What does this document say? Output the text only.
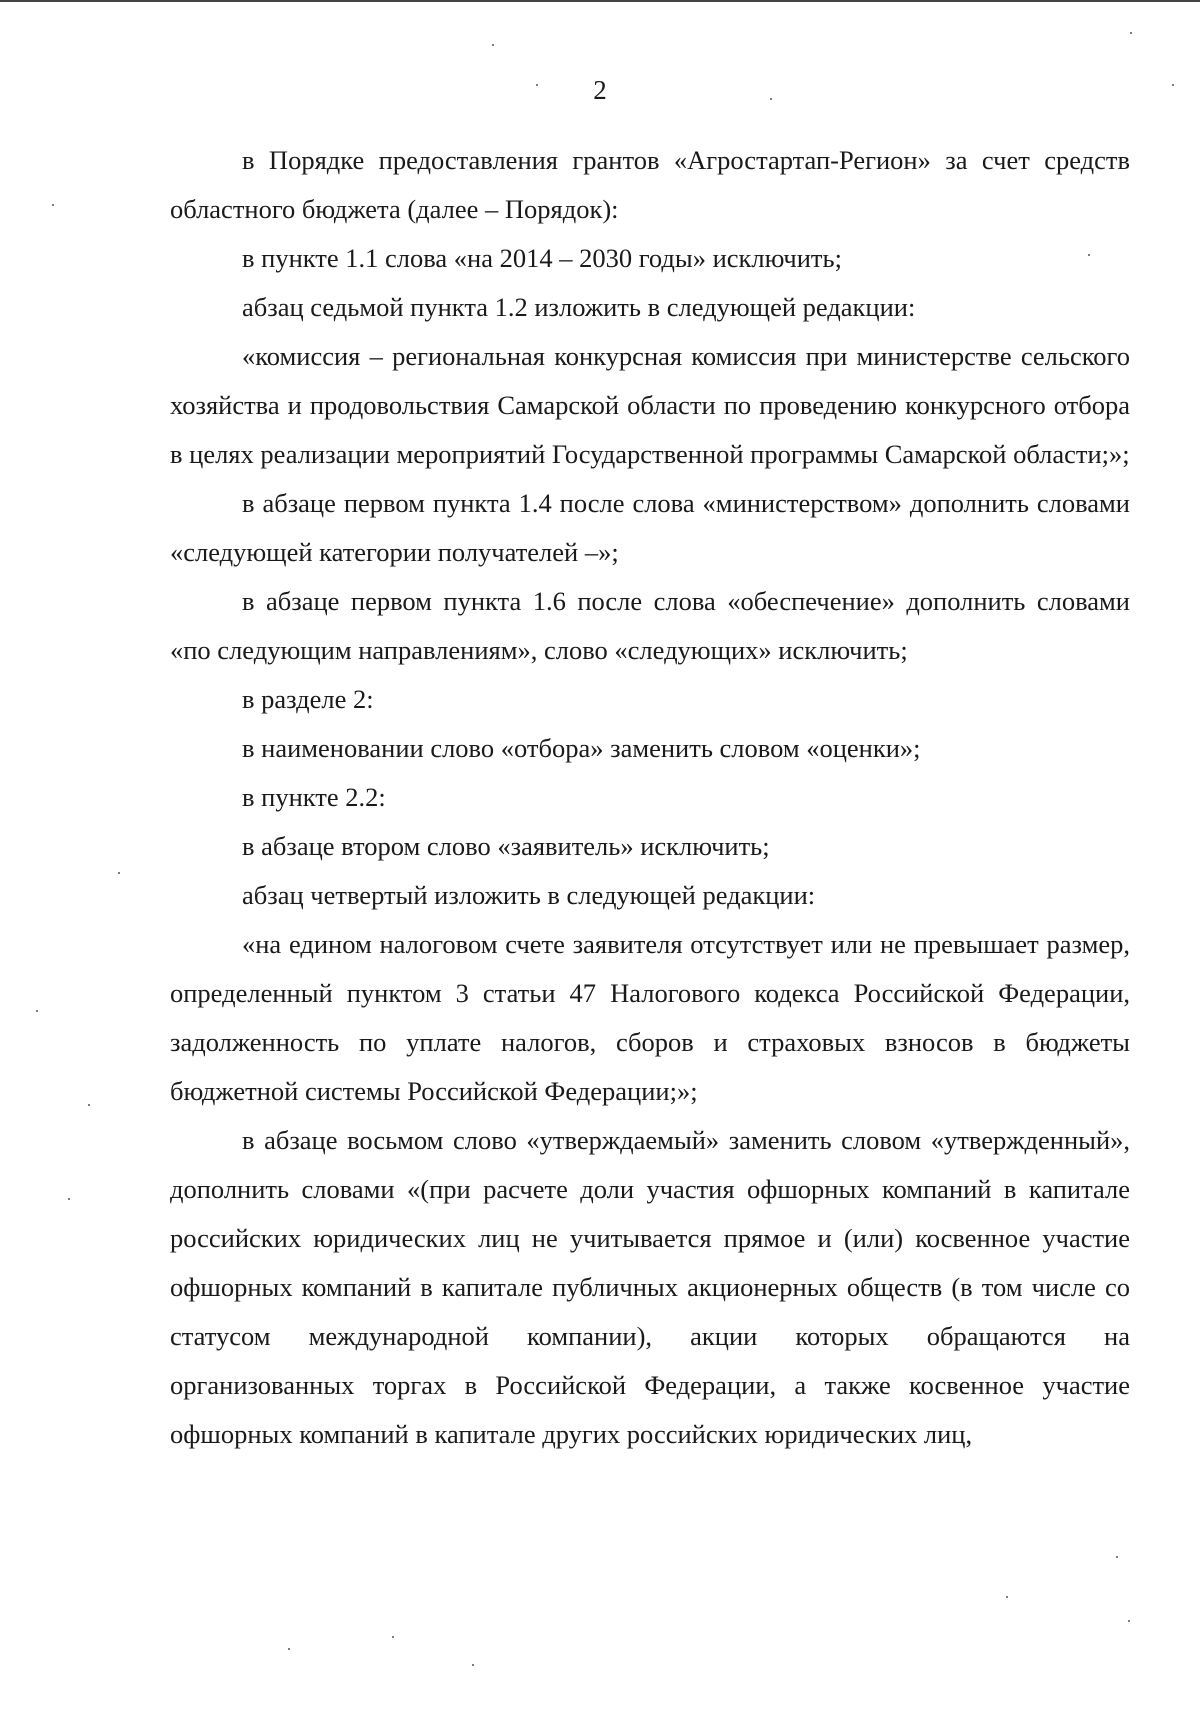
2

в Порядке предоставления грантов «Агростартап-Регион» за счет средств областного бюджета (далее – Порядок):

в пункте 1.1 слова «на 2014 – 2030 годы» исключить;

абзац седьмой пункта 1.2 изложить в следующей редакции:

«комиссия – региональная конкурсная комиссия при министерстве сельского хозяйства и продовольствия Самарской области по проведению конкурсного отбора в целях реализации мероприятий Государственной программы Самарской области;»;

в абзаце первом пункта 1.4 после слова «министерством» дополнить словами «следующей категории получателей –»;

в абзаце первом пункта 1.6 после слова «обеспечение» дополнить словами «по следующим направлениям», слово «следующих» исключить;

в разделе 2:

в наименовании слово «отбора» заменить словом «оценки»;

в пункте 2.2:

в абзаце втором слово «заявитель» исключить;

абзац четвертый изложить в следующей редакции:

«на едином налоговом счете заявителя отсутствует или не превышает размер, определенный пунктом 3 статьи 47 Налогового кодекса Российской Федерации, задолженность по уплате налогов, сборов и страховых взносов в бюджеты бюджетной системы Российской Федерации;»;

в абзаце восьмом слово «утверждаемый» заменить словом «утвержденный», дополнить словами «(при расчете доли участия офшорных компаний в капитале российских юридических лиц не учитывается прямое и (или) косвенное участие офшорных компаний в капитале публичных акционерных обществ (в том числе со статусом международной компании), акции которых обращаются на организованных торгах в Российской Федерации, а также косвенное участие офшорных компаний в капитале других российских юридических лиц,
